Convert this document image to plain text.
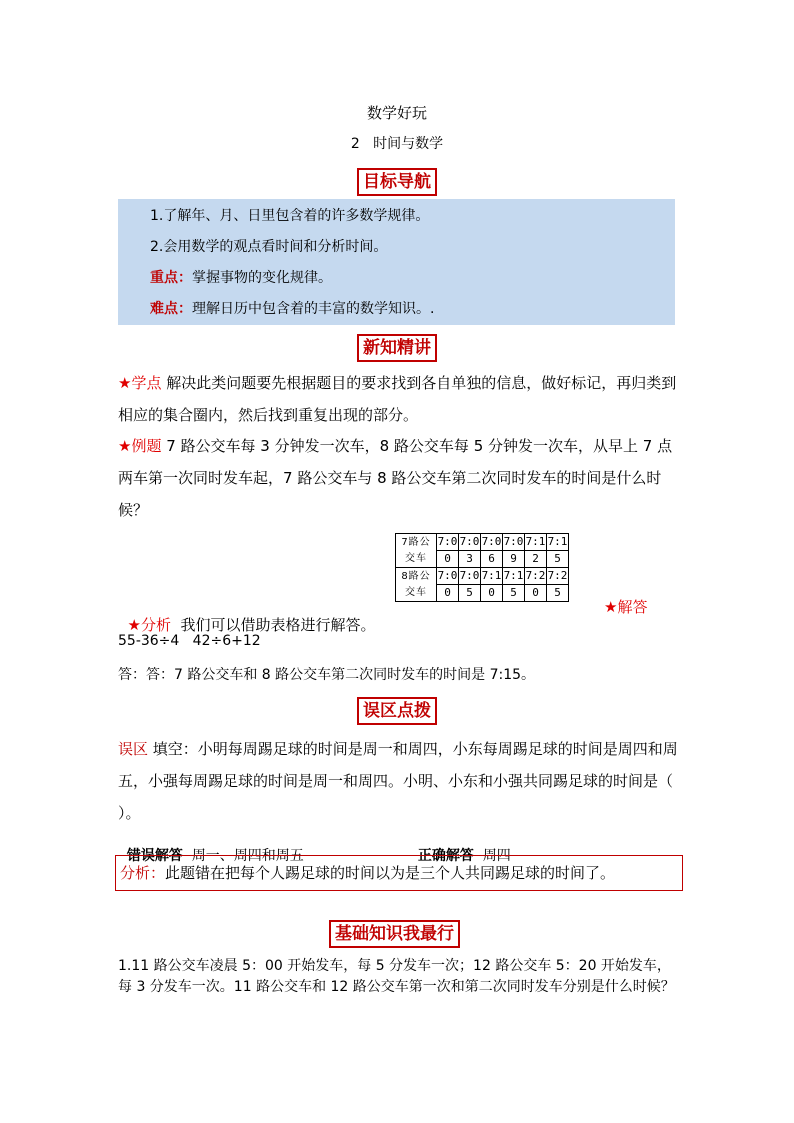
数学好玩
2   时间与数学
目标导航
1.了解年、月、日里包含着的许多数学规律。
2.会用数学的观点看时间和分析时间。
重点：掌握事物的变化规律。
难点：理解日历中包含着的丰富的数学知识。.
新知精讲
★学点 解决此类问题要先根据题目的要求找到各自单独的信息，做好标记，再归类到相应的集合圈内，然后找到重复出现的部分。
★例题 7 路公交车每 3 分钟发一次车，8 路公交车每 5 分钟发一次车，从早上 7 点两车第一次同时发车起，7 路公交车与 8 路公交车第二次同时发车的时间是什么时候？
7路公交车	7:0	7:0	7:0	7:0	7:1	7:1
	0	3	6	9	2	5
8路公交车	7:0	7:0	7:1	7:1	7:2	7:2
	0	5	0	5	0	5

★分析  我们可以借助表格进行解答。

★解答
55-36÷4   42÷6+12
答：答：7 路公交车和 8 路公交车第二次同时发车的时间是 7:15。
误区点拨
误区 填空：小明每周踢足球的时间是周一和周四，小东每周踢足球的时间是周四和周五，小强每周踢足球的时间是周一和周四。小明、小东和小强共同踢足球的时间是（ ）。

错误解答  周一、周四和周五	正确解答  周四

分析：此题错在把每个人踢足球的时间以为是三个人共同踢足球的时间了。
基础知识我最行
1.11 路公交车凌晨 5：00 开始发车，每 5 分发车一次；12 路公交车 5：20 开始发车，每 3 分发车一次。11 路公交车和 12 路公交车第一次和第二次同时发车分别是什么时候？
